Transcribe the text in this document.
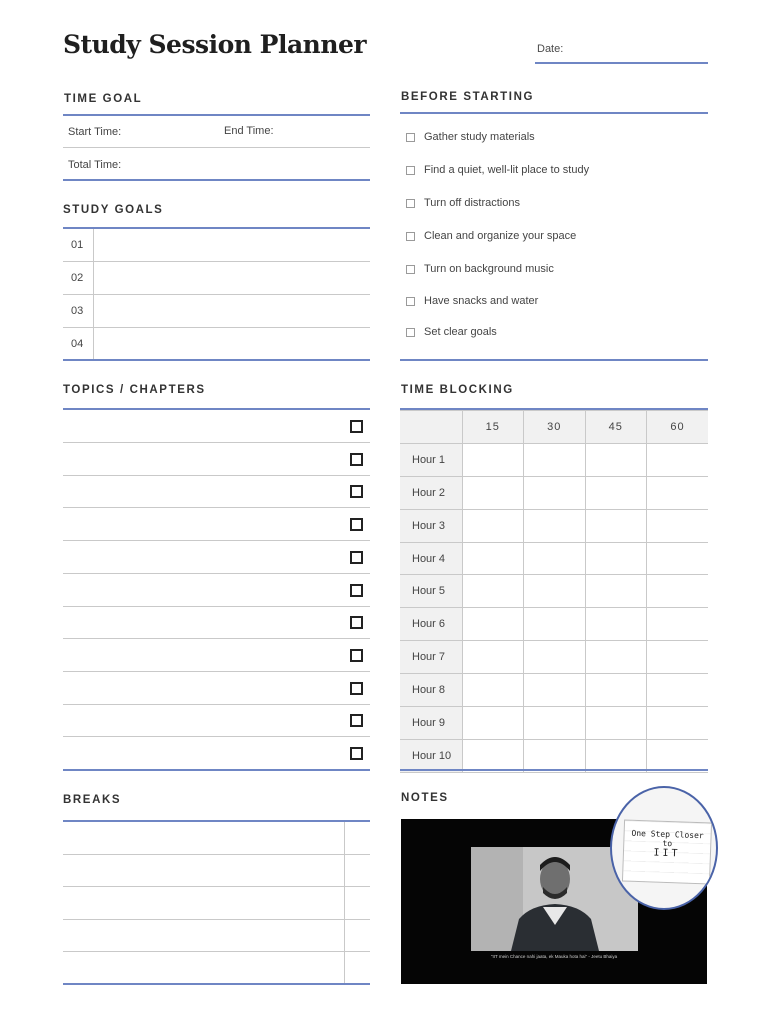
Study Session Planner	Date:
TIME GOAL
Start Time:	End Time:
Total Time:
STUDY GOALS
01
02
03
04
BEFORE STARTING
Gather study materials
Find a quiet, well-lit place to study
Turn off distractions
Clean and organize your space
Turn on background music
Have snacks and water
Set clear goals
TOPICS / CHAPTERS	TIME BLOCKING
	15	30	45	60
Hour 1				
Hour 2				
Hour 3				
Hour 4				
Hour 5				
Hour 6				
Hour 7				
Hour 8				
Hour 9				
Hour 10				
BREAKS	NOTES
"IIT mein Chance nahi jaata, ek Mauka hota hai" - Jeetu Bhaiya
One Step Closer
to
IIT
